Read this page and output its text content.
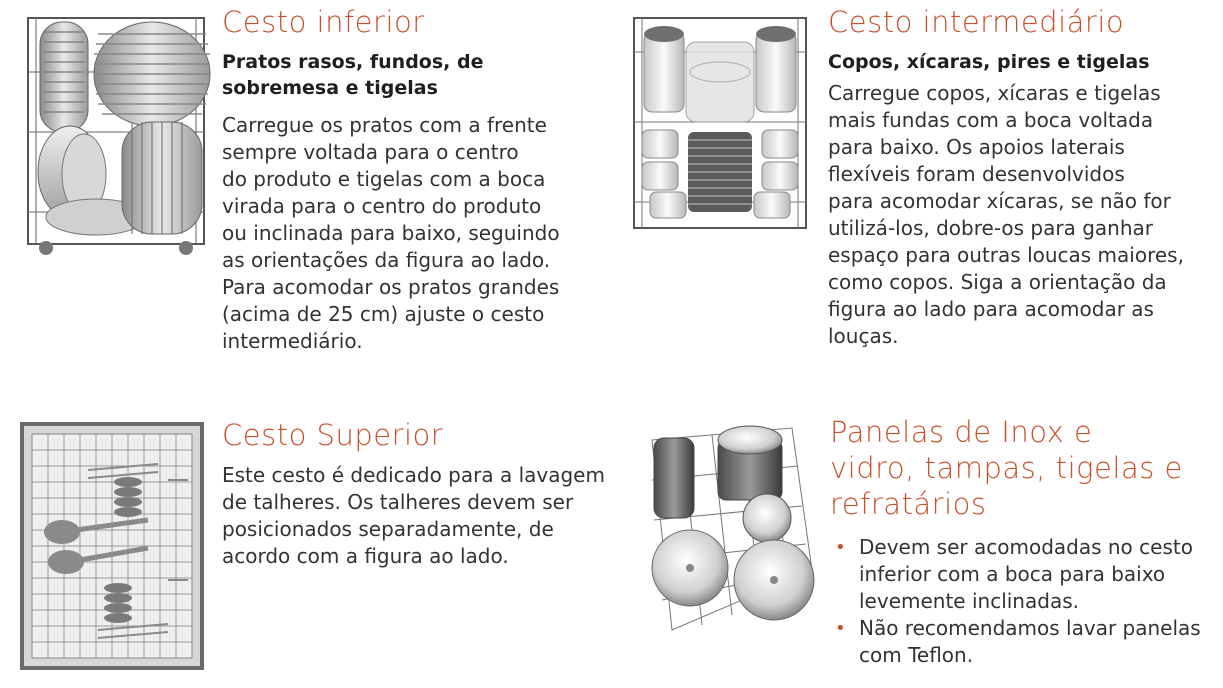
Cesto inferior
Pratos rasos, fundos, de
sobremesa e tigelas
Carregue os pratos com a frente
sempre voltada para o centro
do produto e tigelas com a boca
virada para o centro do produto
ou inclinada para baixo, seguindo
as orientações da figura ao lado.
Para acomodar os pratos grandes
(acima de 25 cm) ajuste o cesto
intermediário.
Cesto intermediário
Copos, xícaras, pires e tigelas
Carregue copos, xícaras e tigelas
mais fundas com a boca voltada
para baixo. Os apoios laterais
flexíveis foram desenvolvidos
para acomodar xícaras, se não for
utilizá-los, dobre-os para ganhar
espaço para outras loucas maiores,
como copos. Siga a orientação da
figura ao lado para acomodar as
louças.
Cesto Superior
Este cesto é dedicado para a lavagem
de talheres. Os talheres devem ser
posicionados separadamente, de
acordo com a figura ao lado.
Panelas de Inox e
vidro, tampas, tigelas e
refratários
• Devem ser acomodadas no cesto
inferior com a boca para baixo
levemente inclinadas.
• Não recomendamos lavar panelas
com Teflon.
